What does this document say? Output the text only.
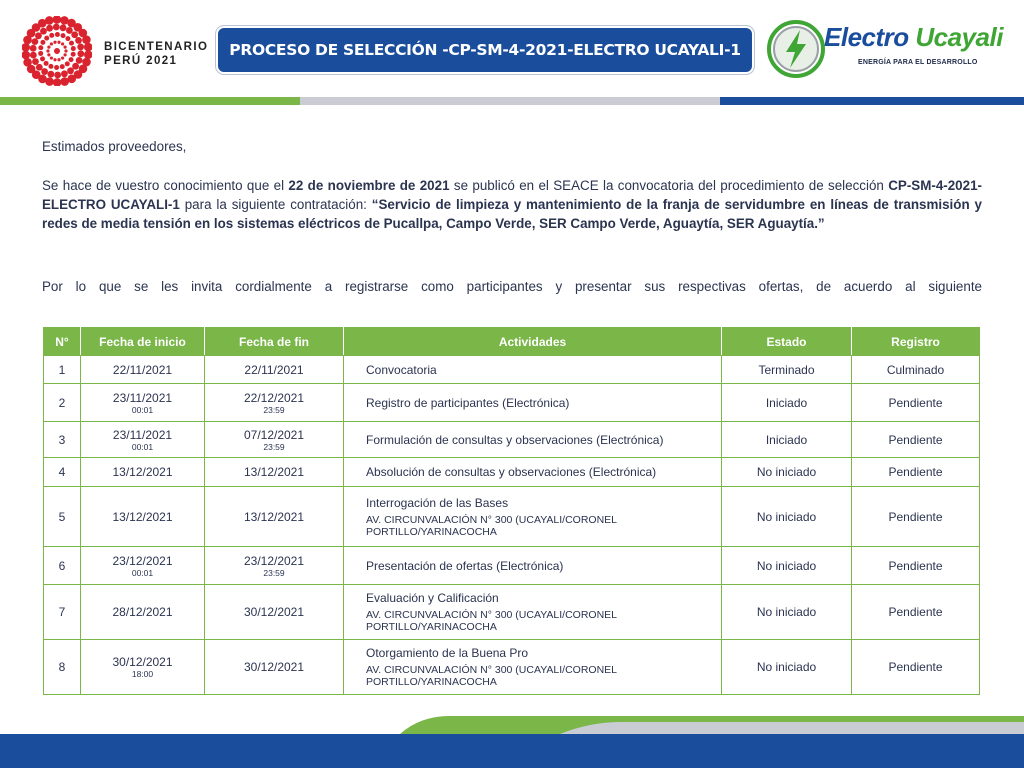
BICENTENARIO
PERÚ 2021
PROCESO DE SELECCIÓN -CP-SM-4-2021-ELECTRO UCAYALI-1	Electro Ucayali
ENERGÍA PARA EL DESARROLLO
Estimados proveedores,
Se hace de vuestro conocimiento que el 22 de noviembre de 2021 se publicó en el SEACE la convocatoria del procedimiento de selección CP-SM-4-2021-ELECTRO UCAYALI-1 para la siguiente contratación: “Servicio de limpieza y mantenimiento de la franja de servidumbre en líneas de transmisión y redes de media tensión en los sistemas eléctricos de Pucallpa, Campo Verde, SER Campo Verde, Aguaytía, SER Aguaytía.”
Por lo que se les invita cordialmente a registrarse como participantes y presentar sus respectivas ofertas, de acuerdo al siguiente
N°	Fecha de inicio	Fecha de fin	Actividades	Estado	Registro
1	22/11/2021	22/11/2021	Convocatoria	Terminado	Culminado
2	23/11/2021
00:01	22/12/2021
23:59	Registro de participantes (Electrónica)	Iniciado	Pendiente
3	23/11/2021
00:01	07/12/2021
23:59	Formulación de consultas y observaciones (Electrónica)	Iniciado	Pendiente
4	13/12/2021	13/12/2021	Absolución de consultas y observaciones (Electrónica)	No iniciado	Pendiente
5	13/12/2021	13/12/2021	Interrogación de las Bases
AV. CIRCUNVALACIÓN N° 300 (UCAYALI/CORONEL PORTILLO/YARINACOCHA	No iniciado	Pendiente
6	23/12/2021
00:01	23/12/2021
23:59	Presentación de ofertas (Electrónica)	No iniciado	Pendiente
7	28/12/2021	30/12/2021	Evaluación y Calificación
AV. CIRCUNVALACIÓN N° 300 (UCAYALI/CORONEL PORTILLO/YARINACOCHA	No iniciado	Pendiente
8	30/12/2021
18:00	30/12/2021	Otorgamiento de la Buena Pro
AV. CIRCUNVALACIÓN N° 300 (UCAYALI/CORONEL PORTILLO/YARINACOCHA	No iniciado	Pendiente
